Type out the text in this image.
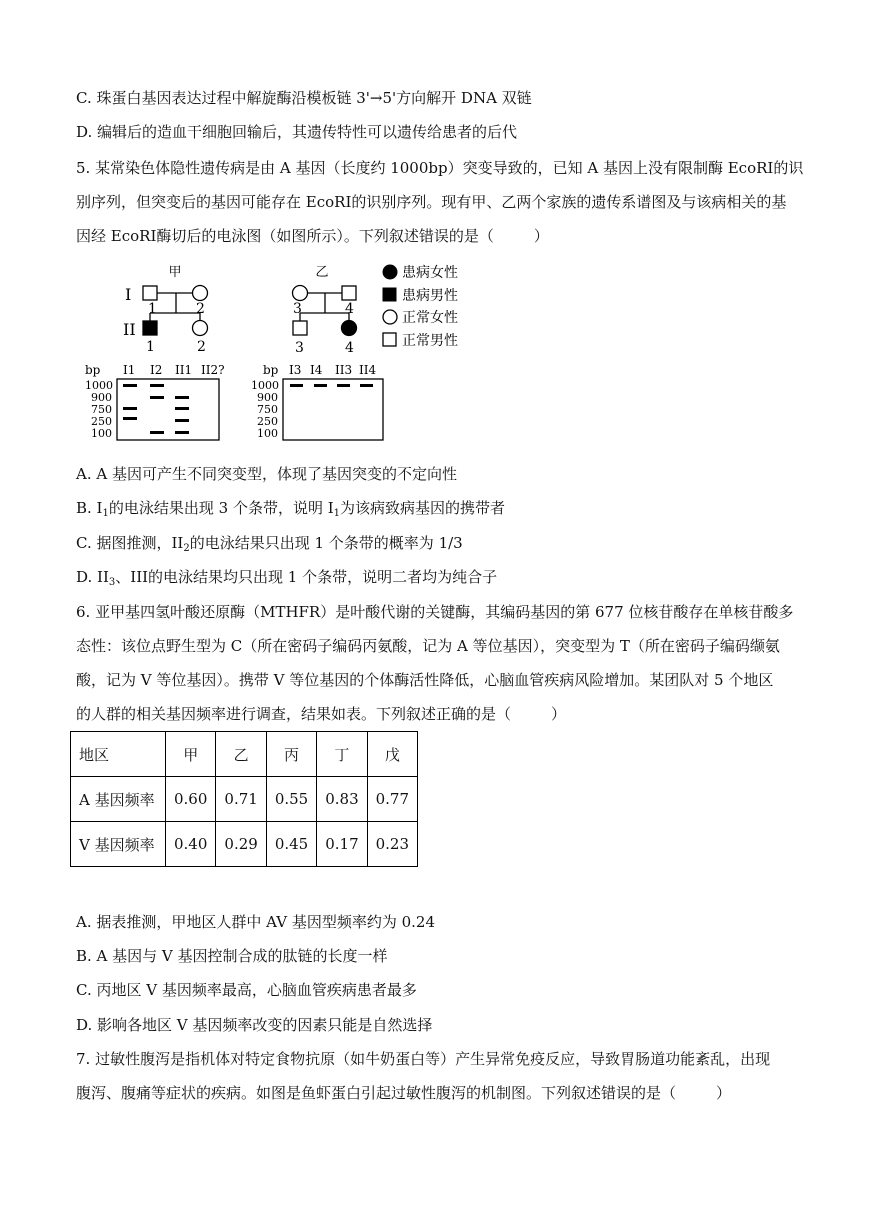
C. 珠蛋白基因表达过程中解旋酶沿模板链 3'→5'方向解开 DNA 双链
D. 编辑后的造血干细胞回输后，其遗传特性可以遗传给患者的后代
5. 某常染色体隐性遗传病是由 A 基因（长度约 1000bp）突变导致的，已知 A 基因上没有限制酶 EcoRI的识
别序列，但突变后的基因可能存在 EcoRI的识别序列。现有甲、乙两个家族的遗传系谱图及与该病相关的基
因经 EcoRI酶切后的电泳图（如图所示）。下列叙述错误的是（	）
甲	乙
I
II
1	2
1	2
3	4
3	4
患病女性
患病男性
正常女性
正常男性
bp I1 I2 II1 II2?
1000
900
750
250
100
bp I3 I4 II3 II4
1000
900
750
250
100
A. A 基因可产生不同突变型，体现了基因突变的不定向性
B. $I_1$的电泳结果出现 3 个条带，说明 $I_1$为该病致病基因的携带者
C. 据图推测，$II_2$的电泳结果只出现 1 个条带的概率为 1/3
D. $II_3$、III的电泳结果均只出现 1 个条带，说明二者均为纯合子
6. 亚甲基四氢叶酸还原酶（MTHFR）是叶酸代谢的关键酶，其编码基因的第 677 位核苷酸存在单核苷酸多
态性：该位点野生型为 C（所在密码子编码丙氨酸，记为 A 等位基因），突变型为 T（所在密码子编码缬氨
酸，记为 V 等位基因）。携带 V 等位基因的个体酶活性降低，心脑血管疾病风险增加。某团队对 5 个地区
的人群的相关基因频率进行调查，结果如表。下列叙述正确的是（	）
地区	甲	乙	丙	丁	戊
A 基因频率	0.60	0.71	0.55	0.83	0.77
V 基因频率	0.40	0.29	0.45	0.17	0.23
A. 据表推测，甲地区人群中 AV 基因型频率约为 0.24
B. A 基因与 V 基因控制合成的肽链的长度一样
C. 丙地区 V 基因频率最高，心脑血管疾病患者最多
D. 影响各地区 V 基因频率改变的因素只能是自然选择
7. 过敏性腹泻是指机体对特定食物抗原（如牛奶蛋白等）产生异常免疫反应，导致胃肠道功能紊乱，出现
腹泻、腹痛等症状的疾病。如图是鱼虾蛋白引起过敏性腹泻的机制图。下列叙述错误的是（	）
